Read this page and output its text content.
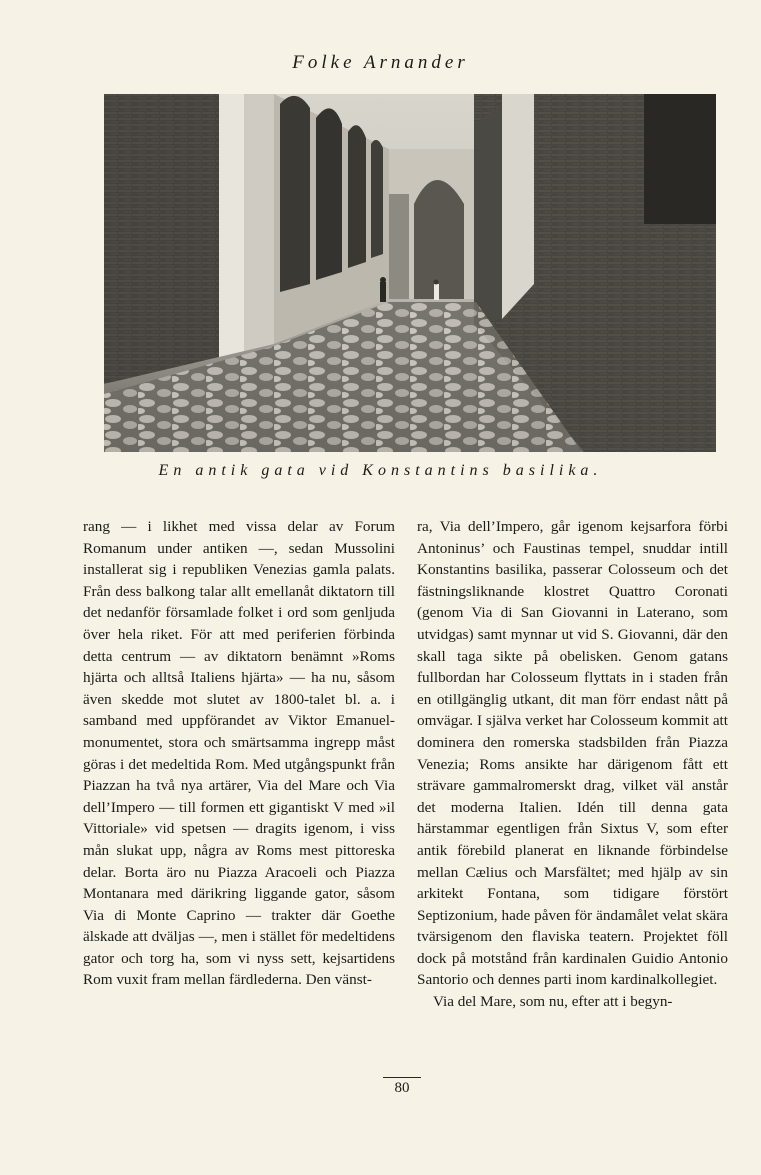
Folke Arnander
En antik gata vid Konstantins basilika.

rang — i likhet med vissa delar av Forum Romanum under antiken —, sedan Mussolini installerat sig i republiken Venezias gamla palats. Från dess balkong talar allt emellanåt diktatorn till det nedanför församlade folket i ord som genljuda över hela riket. För att med periferien förbinda detta centrum — av diktatorn benämnt »Roms hjärta och alltså Italiens hjärta» — ha nu, såsom även skedde mot slutet av 1800-talet bl. a. i samband med uppförandet av Viktor Emanuel-monumentet, stora och smärtsamma ingrepp måst göras i det medeltida Rom. Med utgångspunkt från Piazzan ha två nya artärer, Via del Mare och Via dell’Impero — till formen ett gigantiskt V med »il Vittoriale» vid spetsen — dragits igenom, i viss mån slukat upp, några av Roms mest pittoreska delar. Borta äro nu Piazza Aracoeli och Piazza Montanara med därikring liggande gator, såsom Via di Monte Caprino — trakter där Goethe älskade att dväljas —, men i stället för medeltidens gator och torg ha, som vi nyss sett, kejsartidens Rom vuxit fram mellan färdlederna. Den vänst-

ra, Via dell’Impero, går igenom kejsarfora förbi Antoninus’ och Faustinas tempel, snuddar intill Konstantins basilika, passerar Colosseum och det fästningsliknande klostret Quattro Coronati (genom Via di San Giovanni in Laterano, som utvidgas) samt mynnar ut vid S. Giovanni, där den skall taga sikte på obelisken. Genom gatans fullbordan har Colosseum flyttats in i staden från en otillgänglig utkant, dit man förr endast nått på omvägar. I själva verket har Colosseum kommit att dominera den romerska stadsbilden från Piazza Venezia; Roms ansikte har därigenom fått ett strävare gammalromerskt drag, vilket väl anstår det moderna Italien. Idén till denna gata härstammar egentligen från Sixtus V, som efter antik förebild planerat en liknande förbindelse mellan Cælius och Marsfältet; med hjälp av sin arkitekt Fontana, som tidigare förstört Septizonium, hade påven för ändamålet velat skära tvärsigenom den flaviska teatern. Projektet föll dock på motstånd från kardinalen Guidio Antonio Santorio och dennes parti inom kardinalkollegiet.

Via del Mare, som nu, efter att i begyn-

80
